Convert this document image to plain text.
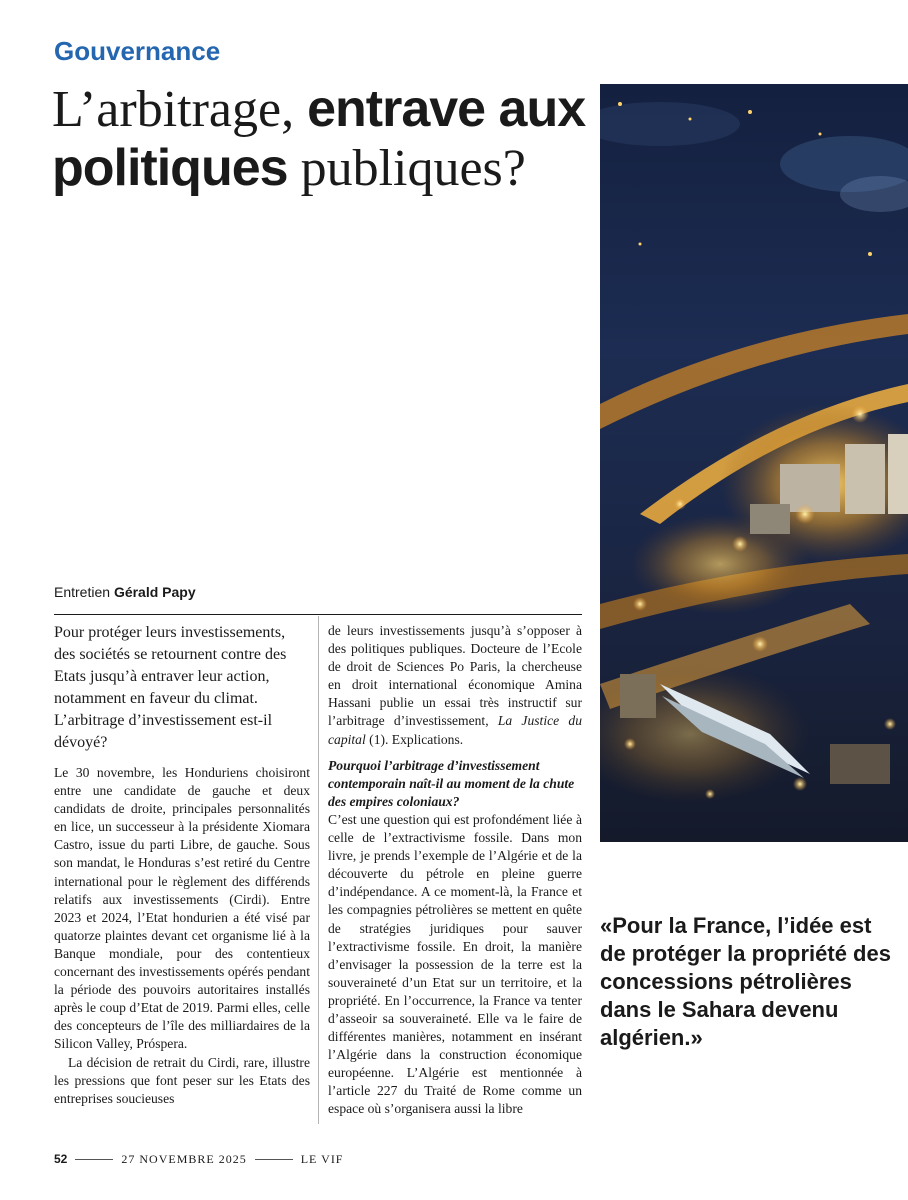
Gouvernance
L’arbitrage, entrave aux politiques publiques?
Entretien Gérald Papy

Pour protéger leurs investissements, des sociétés se retournent contre des Etats jusqu’à entraver leur action, notamment en faveur du climat. L’arbitrage d’investissement est-il dévoyé?

Le 30 novembre, les Honduriens choisiront entre une candidate de gauche et deux candidats de droite, principales personnalités en lice, un successeur à la présidente Xiomara Castro, issue du parti Libre, de gauche. Sous son mandat, le Honduras s’est retiré du Centre international pour le règlement des différends relatifs aux investissements (Cirdi). Entre 2023 et 2024, l’Etat hondurien a été visé par quatorze plaintes devant cet organisme lié à la Banque mondiale, pour des contentieux concernant des investissements opérés pendant la période des pouvoirs autoritaires installés après le coup d’Etat de 2019. Parmi elles, celle des concepteurs de l’île des milliardaires de la Silicon Valley, Próspera.

La décision de retrait du Cirdi, rare, illustre les pressions que font peser sur les Etats des entreprises soucieuses

de leurs investissements jusqu’à s’opposer à des politiques publiques. Docteure de l’Ecole de droit de Sciences Po Paris, la chercheuse en droit international économique Amina Hassani publie un essai très instructif sur l’arbitrage d’investissement, La Justice du capital (1). Explications.

Pourquoi l’arbitrage d’investissement contemporain naît-il au moment de la chute des empires coloniaux?

C’est une question qui est profondément liée à celle de l’extractivisme fossile. Dans mon livre, je prends l’exemple de l’Algérie et de la découverte du pétrole en pleine guerre d’indépendance. A ce moment-là, la France et les compagnies pétrolières se mettent en quête de stratégies juridiques pour sauver l’extractivisme fossile. En droit, la manière d’envisager la possession de la terre est la souveraineté d’un Etat sur un territoire, et la propriété. En l’occurrence, la France va tenter d’asseoir sa souveraineté. Elle va le faire de différentes manières, notamment en insérant l’Algérie dans la construction économique européenne. L’Algérie est mentionnée à l’article 227 du Traité de Rome comme un espace où s’organisera aussi la libre

«Pour la France, l’idée est de protéger la propriété des concessions pétrolières dans le Sahara devenu algérien.»

52	27 NOVEMBRE 2025	LE VIF
